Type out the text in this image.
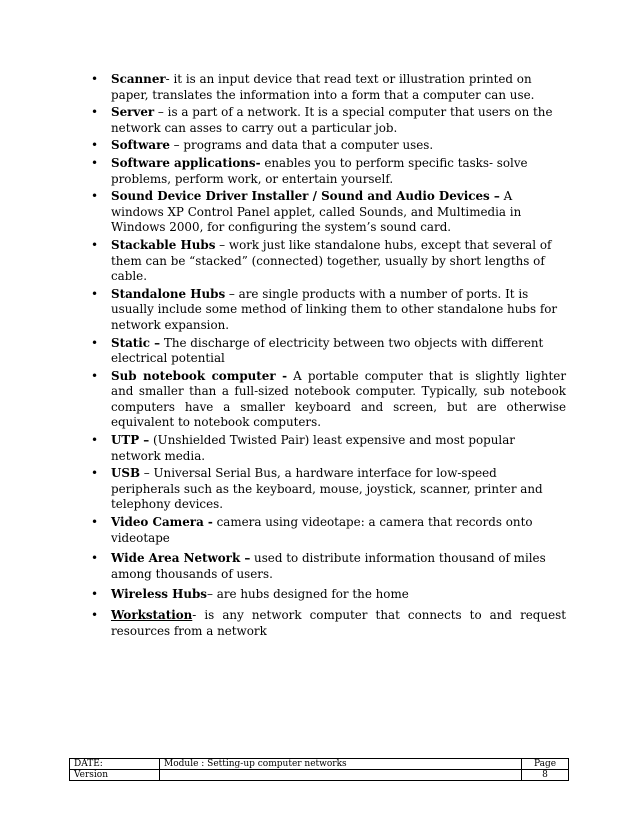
• Scanner- it is an input device that read text or illustration printed on paper, translates the information into a form that a computer can use.
• Server – is a part of a network. It is a special computer that users on the network can asses to carry out a particular job.
• Software – programs and data that a computer uses.
• Software applications- enables you to perform specific tasks- solve problems, perform work, or entertain yourself.
• Sound Device Driver Installer / Sound and Audio Devices – A windows XP Control Panel applet, called Sounds, and Multimedia in Windows 2000, for configuring the system’s sound card.
• Stackable Hubs – work just like standalone hubs, except that several of them can be “stacked” (connected) together, usually by short lengths of cable.
• Standalone Hubs – are single products with a number of ports. It is usually include some method of linking them to other standalone hubs for network expansion.
• Static – The discharge of electricity between two objects with different electrical potential
• Sub notebook computer - A portable computer that is slightly lighter and smaller than a full-sized notebook computer. Typically, sub notebook computers have a smaller keyboard and screen, but are otherwise equivalent to notebook computers.
• UTP – (Unshielded Twisted Pair) least expensive and most popular network media.
• USB – Universal Serial Bus, a hardware interface for low-speed peripherals such as the keyboard, mouse, joystick, scanner, printer and telephony devices.
• Video Camera - camera using videotape: a camera that records onto videotape
• Wide Area Network – used to distribute information thousand of miles among thousands of users.
• Wireless Hubs– are hubs designed for the home
• Workstation- is any network computer that connects to and request resources from a network
DATE:	Module : Setting-up computer networks	Page
Version		8
